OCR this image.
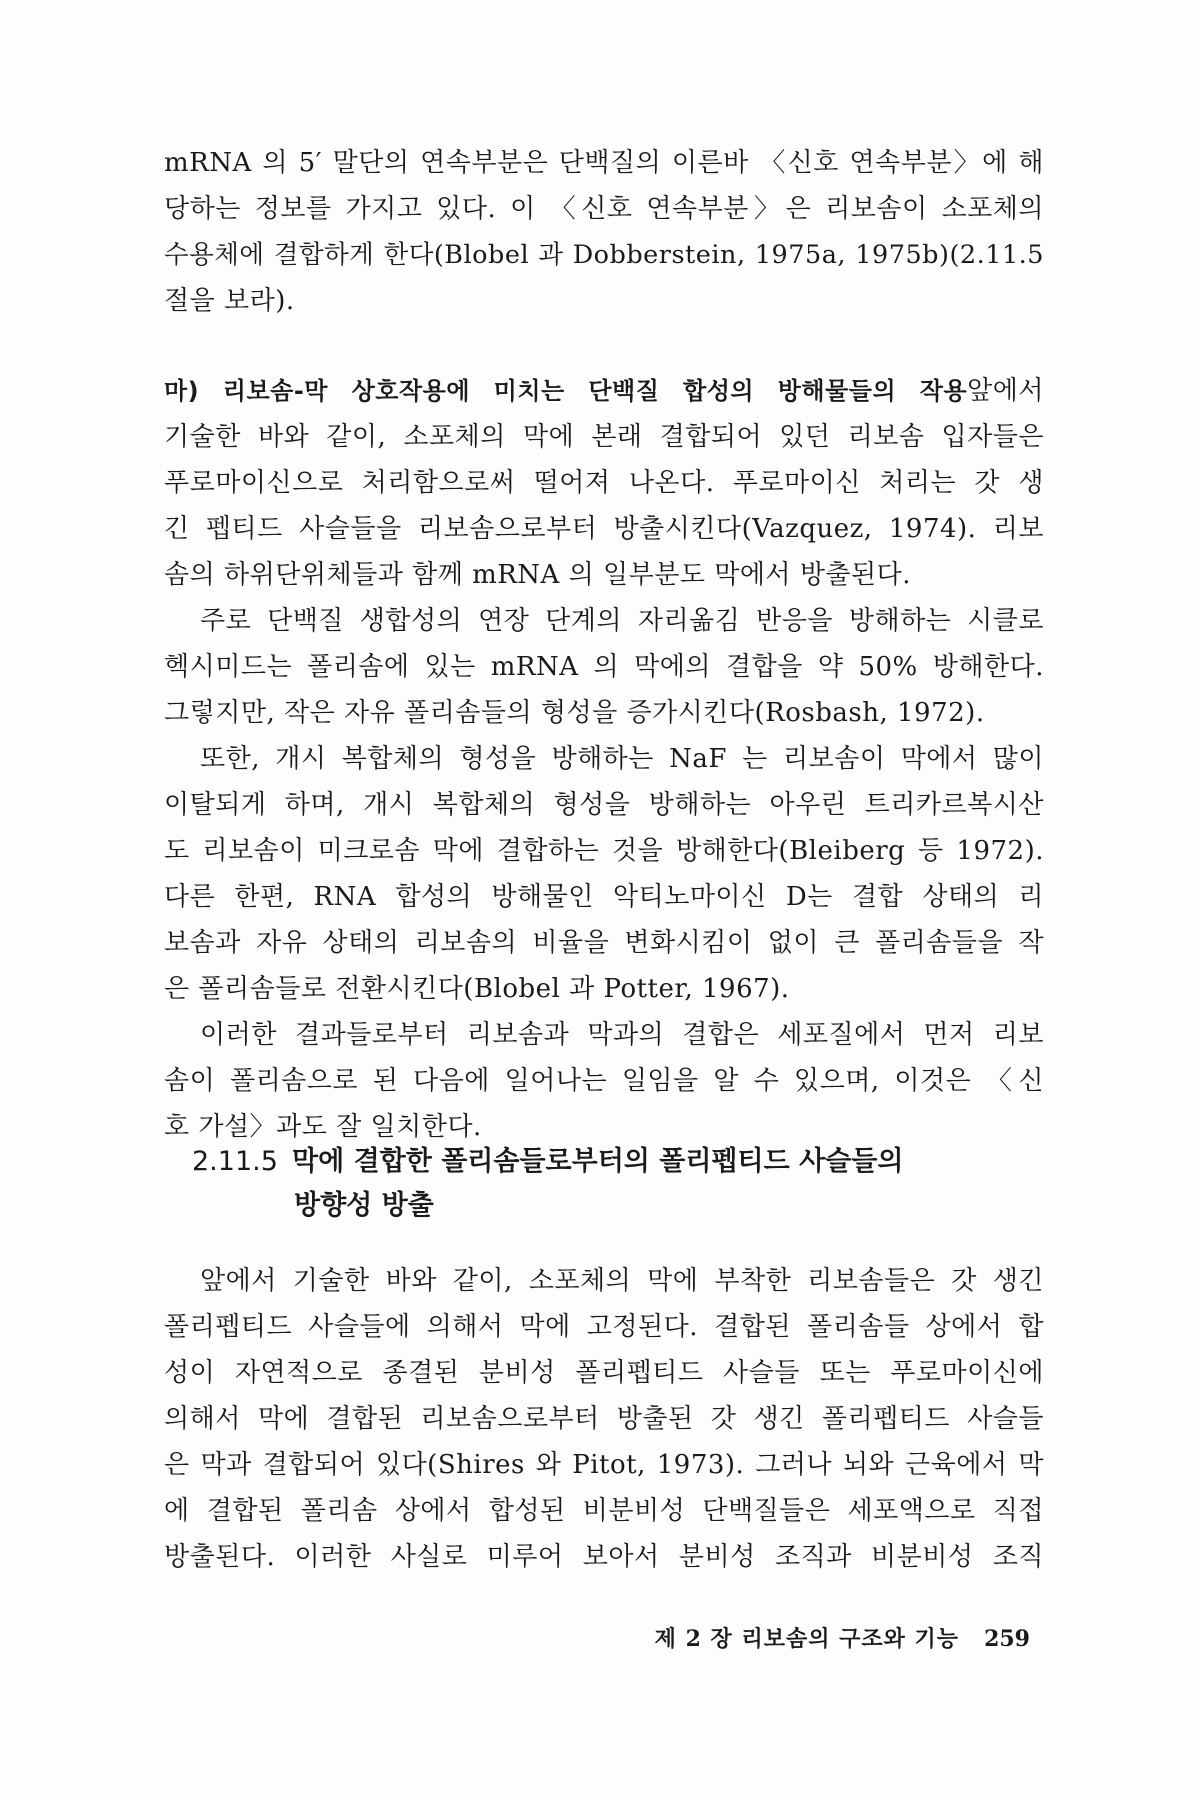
mRNA 의 5′ 말단의 연속부분은 단백질의 이른바 〈신호 연속부분〉에 해
당하는 정보를 가지고 있다. 이 〈신호 연속부분〉은 리보솜이 소포체의
수용체에 결합하게 한다(Blobel 과 Dobberstein, 1975a, 1975b)(2.11.5
절을 보라).
마) 리보솜-막 상호작용에 미치는 단백질 합성의 방해물들의 작용 앞에서
기술한 바와 같이, 소포체의 막에 본래 결합되어 있던 리보솜 입자들은
푸로마이신으로 처리함으로써 떨어져 나온다. 푸로마이신 처리는 갓 생
긴 펩티드 사슬들을 리보솜으로부터 방출시킨다(Vazquez, 1974). 리보
솜의 하위단위체들과 함께 mRNA 의 일부분도 막에서 방출된다.
주로 단백질 생합성의 연장 단계의 자리옮김 반응을 방해하는 시클로
헥시미드는 폴리솜에 있는 mRNA 의 막에의 결합을 약 50% 방해한다.
그렇지만, 작은 자유 폴리솜들의 형성을 증가시킨다(Rosbash, 1972).
또한, 개시 복합체의 형성을 방해하는 NaF 는 리보솜이 막에서 많이
이탈되게 하며, 개시 복합체의 형성을 방해하는 아우린 트리카르복시산
도 리보솜이 미크로솜 막에 결합하는 것을 방해한다(Bleiberg 등 1972).
다른 한편, RNA 합성의 방해물인 악티노마이신 D는 결합 상태의 리
보솜과 자유 상태의 리보솜의 비율을 변화시킴이 없이 큰 폴리솜들을 작
은 폴리솜들로 전환시킨다(Blobel 과 Potter, 1967).
이러한 결과들로부터 리보솜과 막과의 결합은 세포질에서 먼저 리보
솜이 폴리솜으로 된 다음에 일어나는 일임을 알 수 있으며, 이것은 〈신
호 가설〉과도 잘 일치한다.
2.11.5 막에 결합한 폴리솜들로부터의 폴리펩티드 사슬들의
방향성 방출
앞에서 기술한 바와 같이, 소포체의 막에 부착한 리보솜들은 갓 생긴
폴리펩티드 사슬들에 의해서 막에 고정된다. 결합된 폴리솜들 상에서 합
성이 자연적으로 종결된 분비성 폴리펩티드 사슬들 또는 푸로마이신에
의해서 막에 결합된 리보솜으로부터 방출된 갓 생긴 폴리펩티드 사슬들
은 막과 결합되어 있다(Shires 와 Pitot, 1973). 그러나 뇌와 근육에서 막
에 결합된 폴리솜 상에서 합성된 비분비성 단백질들은 세포액으로 직접
방출된다. 이러한 사실로 미루어 보아서 분비성 조직과 비분비성 조직
제 2 장 리보솜의 구조와 기능 259
